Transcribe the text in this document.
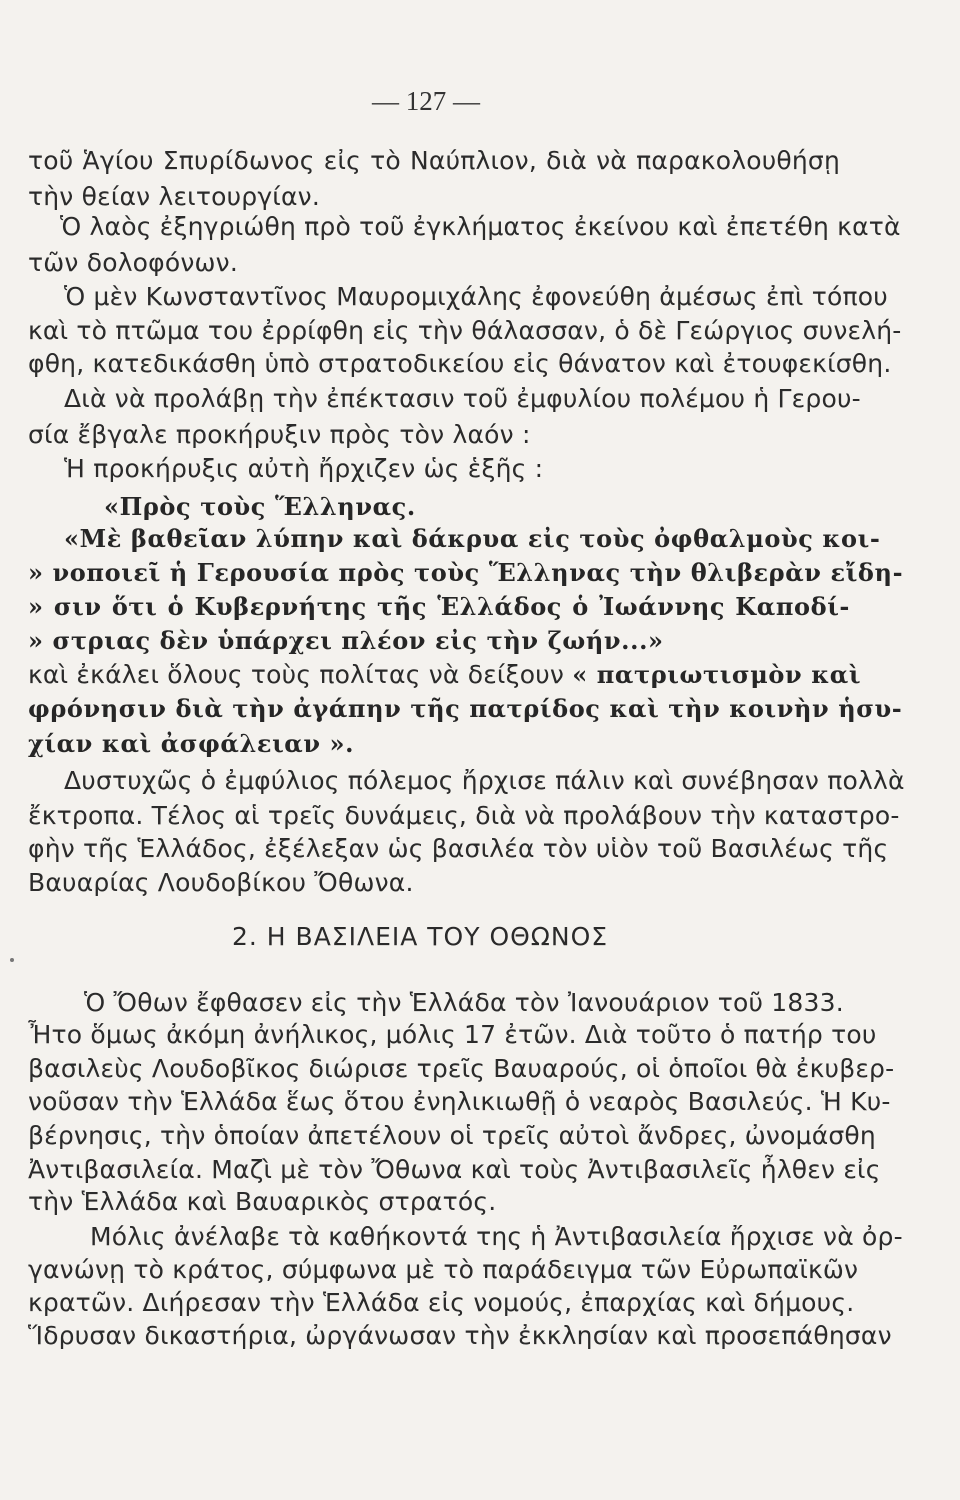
— 127 —
τοῦ Ἁγίου Σπυρίδωνος εἰς τὸ Ναύπλιον, διὰ νὰ παρακολουθήσῃ
τὴν θείαν λειτουργίαν.
Ὁ λαὸς ἐξηγριώθη πρὸ τοῦ ἐγκλήματος ἐκείνου καὶ ἐπετέθη κατὰ
τῶν δολοφόνων.
Ὁ μὲν Κωνσταντῖνος Μαυρομιχάλης ἐφονεύθη ἀμέσως ἐπὶ τόπου
καὶ τὸ πτῶμα του ἐρρίφθη εἰς τὴν θάλασσαν, ὁ δὲ Γεώργιος συνελή-
φθη, κατεδικάσθη ὑπὸ στρατοδικείου εἰς θάνατον καὶ ἐτουφεκίσθη.
Διὰ νὰ προλάβῃ τὴν ἐπέκτασιν τοῦ ἐμφυλίου πολέμου ἡ Γερου-
σία ἔβγαλε προκήρυξιν πρὸς τὸν λαόν :
Ἡ προκήρυξις αὐτὴ ἤρχιζεν ὡς ἑξῆς :
«Πρὸς τοὺς Ἕλληνας.
«Μὲ βαθεῖαν λύπην καὶ δάκρυα εἰς τοὺς ὀφθαλμοὺς κοι-
» νοποιεῖ ἡ Γερουσία πρὸς τοὺς Ἕλληνας τὴν θλιβερὰν εἴδη-
» σιν ὅτι ὁ Κυβερνήτης τῆς Ἑλλάδος ὁ Ἰωάννης Καποδί-
» στριας δὲν ὑπάρχει πλέον εἰς τὴν ζωήν...»
καὶ ἐκάλει ὅλους τοὺς πολίτας νὰ δείξουν « πατριωτισμὸν καὶ
φρόνησιν διὰ τὴν ἀγάπην τῆς πατρίδος καὶ τὴν κοινὴν ἡσυ-
χίαν καὶ ἀσφάλειαν ».
Δυστυχῶς ὁ ἐμφύλιος πόλεμος ἤρχισε πάλιν καὶ συνέβησαν πολλὰ
ἔκτροπα. Τέλος αἱ τρεῖς δυνάμεις, διὰ νὰ προλάβουν τὴν καταστρο-
φὴν τῆς Ἑλλάδος, ἐξέλεξαν ὡς βασιλέα τὸν υἱὸν τοῦ Βασιλέως τῆς
Βαυαρίας Λουδοβίκου Ὄθωνα.
2. Η ΒΑΣΙΛΕΙΑ ΤΟΥ ΟΘΩΝΟΣ
Ὁ Ὄθων ἔφθασεν εἰς τὴν Ἑλλάδα τὸν Ἰανουάριον τοῦ 1833.
Ἦτο ὅμως ἀκόμη ἀνήλικος, μόλις 17 ἐτῶν. Διὰ τοῦτο ὁ πατήρ του
βασιλεὺς Λουδοβῖκος διώρισε τρεῖς Βαυαρούς, οἱ ὁποῖοι θὰ ἐκυβερ-
νοῦσαν τὴν Ἑλλάδα ἕως ὅτου ἐνηλικιωθῇ ὁ νεαρὸς Βασιλεύς. Ἡ Κυ-
βέρνησις, τὴν ὁποίαν ἀπετέλουν οἱ τρεῖς αὐτοὶ ἄνδρες, ὠνομάσθη
Ἀντιβασιλεία. Μαζὶ μὲ τὸν Ὄθωνα καὶ τοὺς Ἀντιβασιλεῖς ἦλθεν εἰς
τὴν Ἑλλάδα καὶ Βαυαρικὸς στρατός.
Μόλις ἀνέλαβε τὰ καθήκοντά της ἡ Ἀντιβασιλεία ἤρχισε νὰ ὀρ-
γανώνῃ τὸ κράτος, σύμφωνα μὲ τὸ παράδειγμα τῶν Εὐρωπαϊκῶν
κρατῶν. Διήρεσαν τὴν Ἑλλάδα εἰς νομούς, ἐπαρχίας καὶ δήμους.
Ἵδρυσαν δικαστήρια, ὠργάνωσαν τὴν ἐκκλησίαν καὶ προσεπάθησαν
